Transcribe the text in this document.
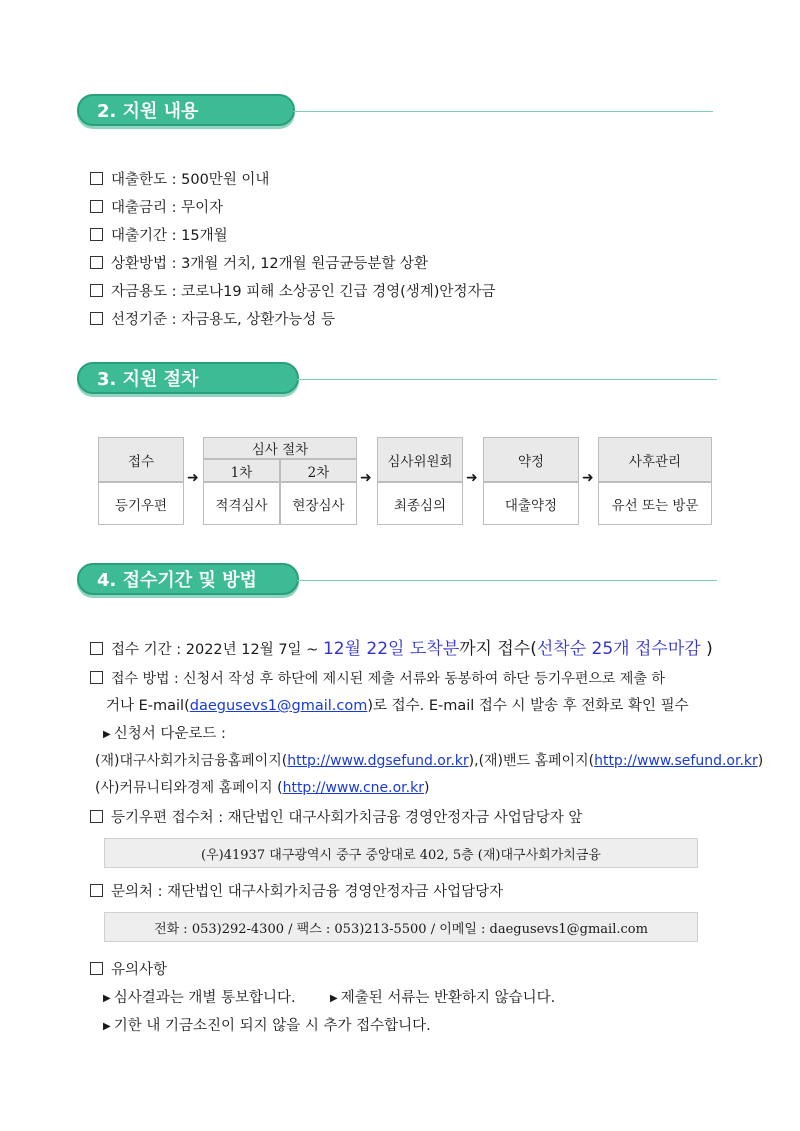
2. 지원 내용
대출한도 : 500만원 이내
대출금리 : 무이자
대출기간 : 15개월
상환방법 : 3개월 거치, 12개월 원금균등분할 상환
자금용도 : 코로나19 피해 소상공인 긴급 경영(생계)안정자금
선정기준 : 자금용도, 상환가능성 등
3. 지원 절차
접수
등기우편
➜
심사 절차
1차	2차
적격심사	현장심사
➜
심사위원회
최종심의
➜
약정
대출약정
➜
사후관리
유선 또는 방문
4. 접수기간 및 방법
접수 기간 : 2022년 12월 7일 ~ 12월 22일 도착분까지 접수(선착순 25개 접수마감 )
접수 방법 : 신청서 작성 후 하단에 제시된 제출 서류와 동봉하여 하단 등기우편으로 제출 하
거나 E-mail(daegusevs1@gmail.com)로 접수. E-mail 접수 시 발송 후 전화로 확인 필수
▶ 신청서 다운로드 :
(재)대구사회가치금융홈페이지(http://www.dgsefund.or.kr),(재)밴드 홈페이지(http://www.sefund.or.kr)
(사)커뮤니티와경제 홈페이지 (http://www.cne.or.kr)
등기우편 접수처 : 재단법인 대구사회가치금융 경영안정자금 사업담당자 앞
(우)41937 대구광역시 중구 중앙대로 402, 5층 (재)대구사회가치금융
문의처 : 재단법인 대구사회가치금융 경영안정자금 사업담당자
전화 : 053)292-4300 / 팩스 : 053)213-5500 / 이메일 : daegusevs1@gmail.com
유의사항
▶ 심사결과는 개별 통보합니다.	▶ 제출된 서류는 반환하지 않습니다.
▶ 기한 내 기금소진이 되지 않을 시 추가 접수합니다.
